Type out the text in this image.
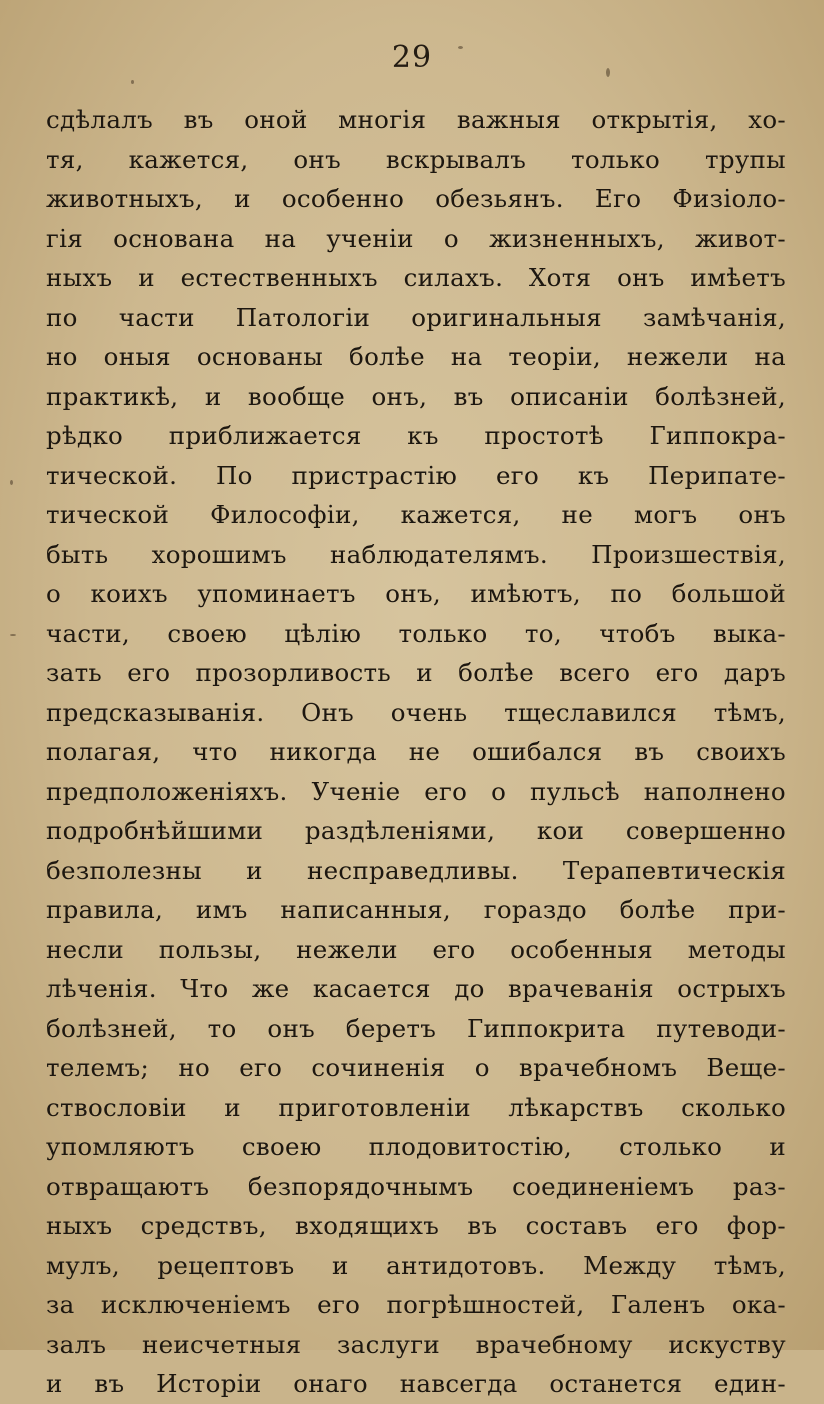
29
сдѣлалъ въ оной многія важныя открытія, хо-
тя, кажется, онъ вскрывалъ только трупы
животныхъ, и особенно обезьянъ. Его Физіоло-
гія основана на ученіи о жизненныхъ, живот-
ныхъ и естественныхъ силахъ. Хотя онъ имѣетъ
по части Патологіи оригинальныя замѣчанія,
но оныя основаны болѣе на теоріи, нежели на
практикѣ, и вообще онъ, въ описаніи болѣзней,
рѣдко приближается къ простотѣ Гиппокра-
тической. По пристрастію его къ Перипате-
тической Философіи, кажется, не могъ онъ
быть хорошимъ наблюдателямъ. Произшествія,
о коихъ упоминаетъ онъ, имѣютъ, по большой
части, своею цѣлію только то, чтобъ выка-
зать его прозорливость и болѣе всего его даръ
предсказыванія. Онъ очень тщеславился тѣмъ,
полагая, что никогда не ошибался въ своихъ
предположеніяхъ. Ученіе его о пульсѣ наполнено
подробнѣйшими раздѣленіями, кои совершенно
безполезны и несправедливы. Терапевтическія
правила, имъ написанныя, гораздо болѣе при-
несли пользы, нежели его особенныя методы
лѣченія. Что же касается до врачеванія острыхъ
болѣзней, то онъ беретъ Гиппокрита путеводи-
телемъ; но его сочиненія о врачебномъ Веще-
ствословіи и приготовленіи лѣкарствъ сколько
упомляютъ своею плодовитостію, столько и
отвращаютъ безпорядочнымъ соединеніемъ раз-
ныхъ средствъ, входящихъ въ составъ его фор-
мулъ, рецептовъ и антидотовъ. Между тѣмъ,
за исключеніемъ его погрѣшностей, Галенъ ока-
залъ неисчетныя заслуги врачебному искуству
и въ Исторіи онаго навсегда останется един-
